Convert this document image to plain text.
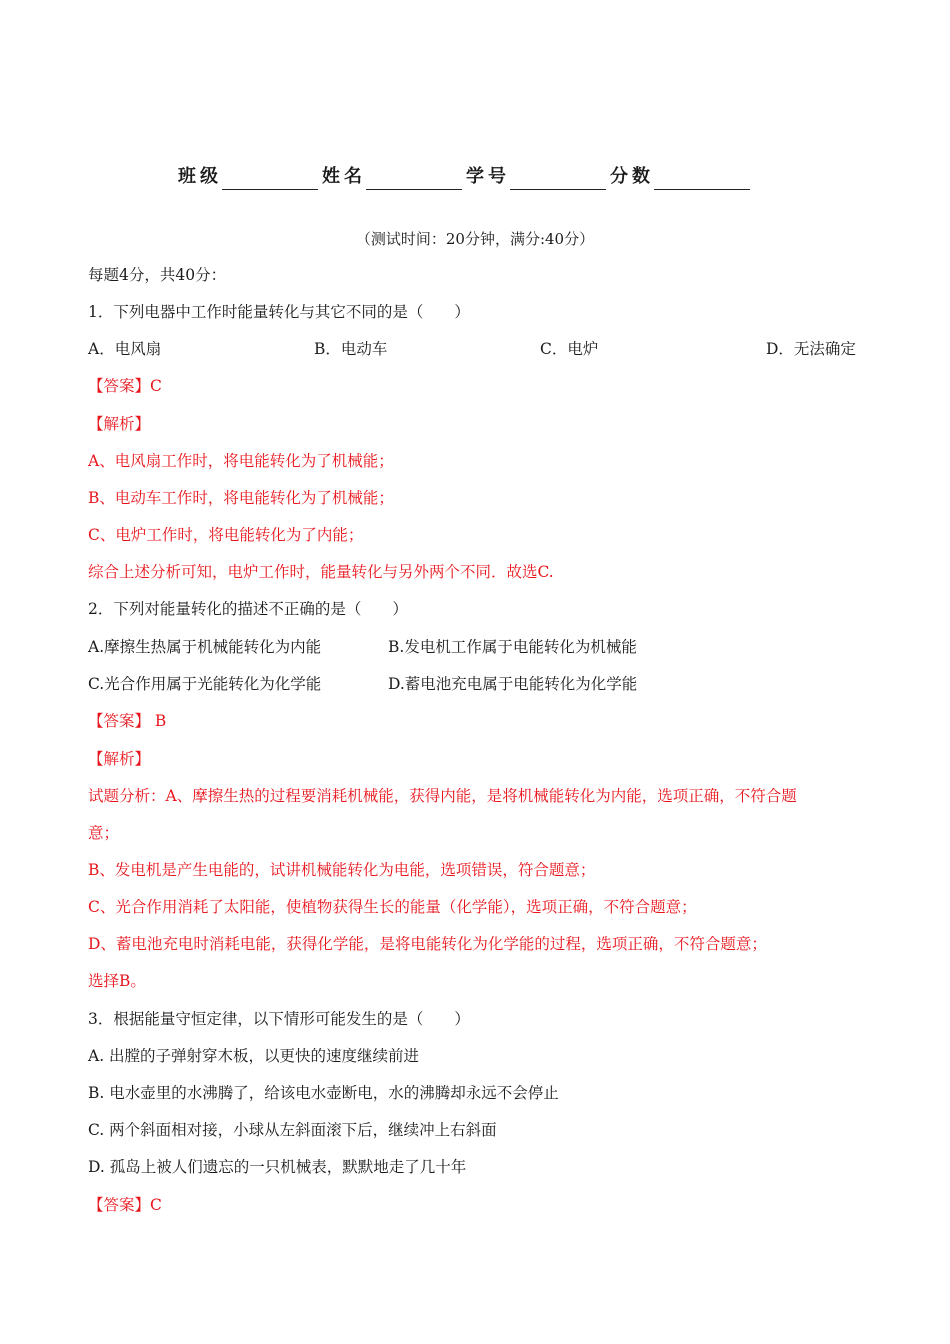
班级	姓名	学号	分数
（测试时间：20分钟，满分:40分）
每题4分，共40分：
1．下列电器中工作时能量转化与其它不同的是（　　）
A．电风扇	B．电动车	C．电炉	D．无法确定
【答案】C
【解析】
A、电风扇工作时，将电能转化为了机械能；
B、电动车工作时，将电能转化为了机械能；
C、电炉工作时，将电能转化为了内能；
综合上述分析可知，电炉工作时，能量转化与另外两个不同．故选C.
2．下列对能量转化的描述不正确的是（　　）
A.摩擦生热属于机械能转化为内能	B.发电机工作属于电能转化为机械能
C.光合作用属于光能转化为化学能	D.蓄电池充电属于电能转化为化学能
【答案】 B
【解析】
试题分析：A、摩擦生热的过程要消耗机械能，获得内能，是将机械能转化为内能，选项正确，不符合题
意；
B、发电机是产生电能的，试讲机械能转化为电能，选项错误，符合题意；
C、光合作用消耗了太阳能，使植物获得生长的能量（化学能），选项正确，不符合题意；
D、蓄电池充电时消耗电能，获得化学能，是将电能转化为化学能的过程，选项正确，不符合题意；
选择B。
3．根据能量守恒定律，以下情形可能发生的是（　　）
A. 出膛的子弹射穿木板，以更快的速度继续前进
B. 电水壶里的水沸腾了，给该电水壶断电，水的沸腾却永远不会停止
C. 两个斜面相对接，小球从左斜面滚下后，继续冲上右斜面
D. 孤岛上被人们遗忘的一只机械表，默默地走了几十年
【答案】C
